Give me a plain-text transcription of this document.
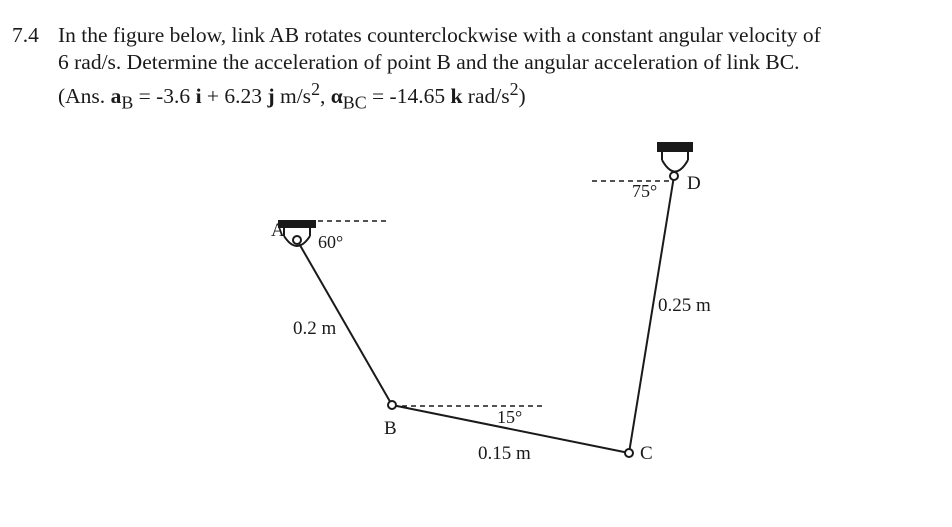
7.4 In the figure below, link AB rotates counterclockwise with a constant angular velocity of
6 rad/s. Determine the acceleration of point B and the angular acceleration of link BC.
(Ans. $a_B = -3.6$ i + 6.23 j $m/s^2$, $\alpha_{BC} = -14.65$ k rad/$s^2$)
A
B
C
D
60°
75°
15°
0.2 m
0.25 m
0.15 m
